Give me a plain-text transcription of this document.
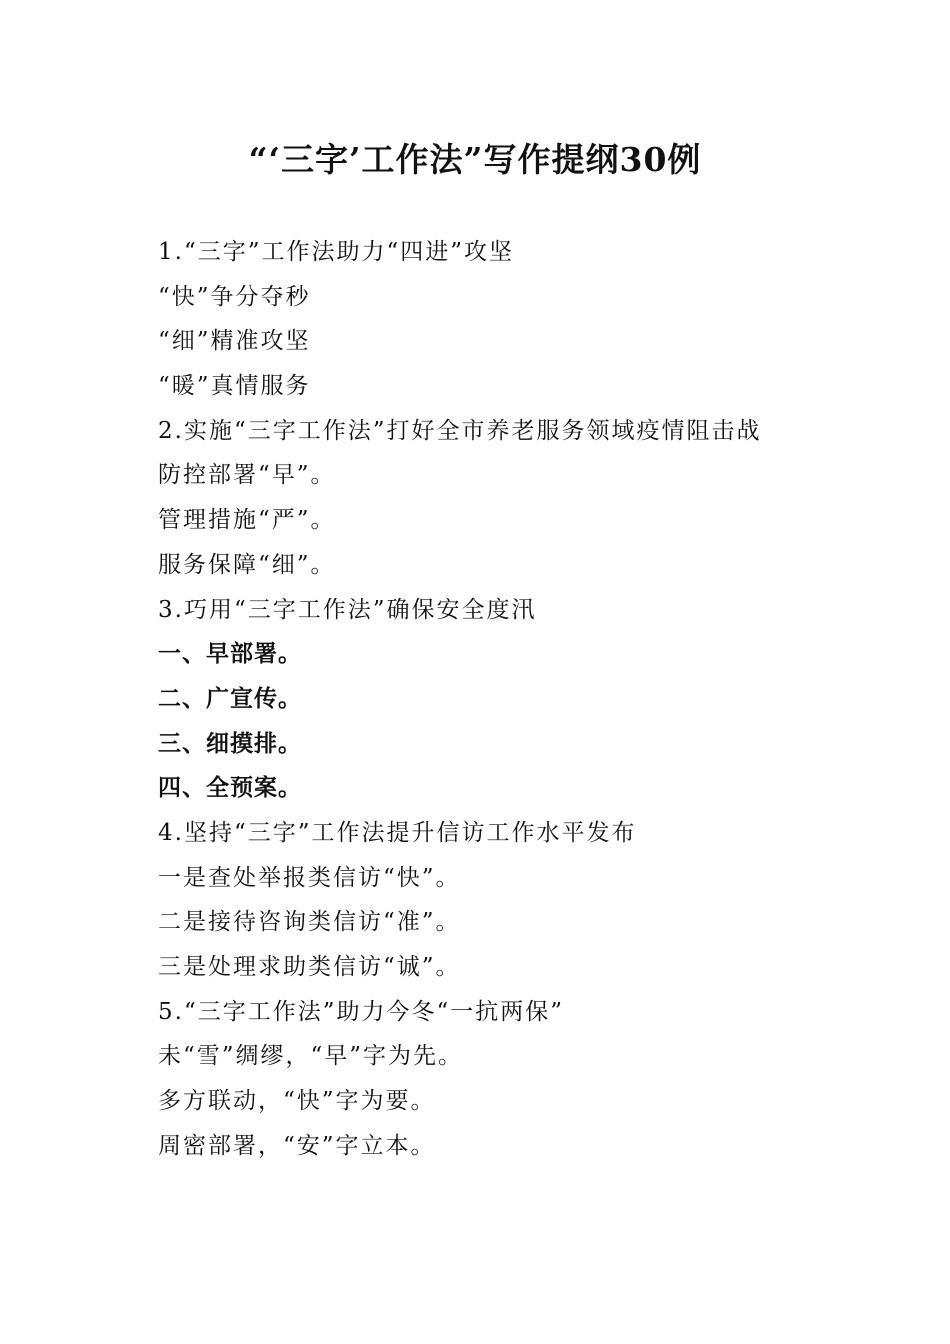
“‘三字’工作法”写作提纲30例
1.“三字”工作法助力“四进”攻坚
“快”争分夺秒
“细”精准攻坚
“暖”真情服务
2.实施“三字工作法”打好全市养老服务领域疫情阻击战
防控部署“早”。
管理措施“严”。
服务保障“细”。
3.巧用“三字工作法”确保安全度汛
一、早部署。
二、广宣传。
三、细摸排。
四、全预案。
4.坚持“三字”工作法提升信访工作水平发布
一是查处举报类信访“快”。
二是接待咨询类信访“准”。
三是处理求助类信访“诚”。
5.“三字工作法”助力今冬“一抗两保”
未“雪”绸缪，“早”字为先。
多方联动，“快”字为要。
周密部署，“安”字立本。
